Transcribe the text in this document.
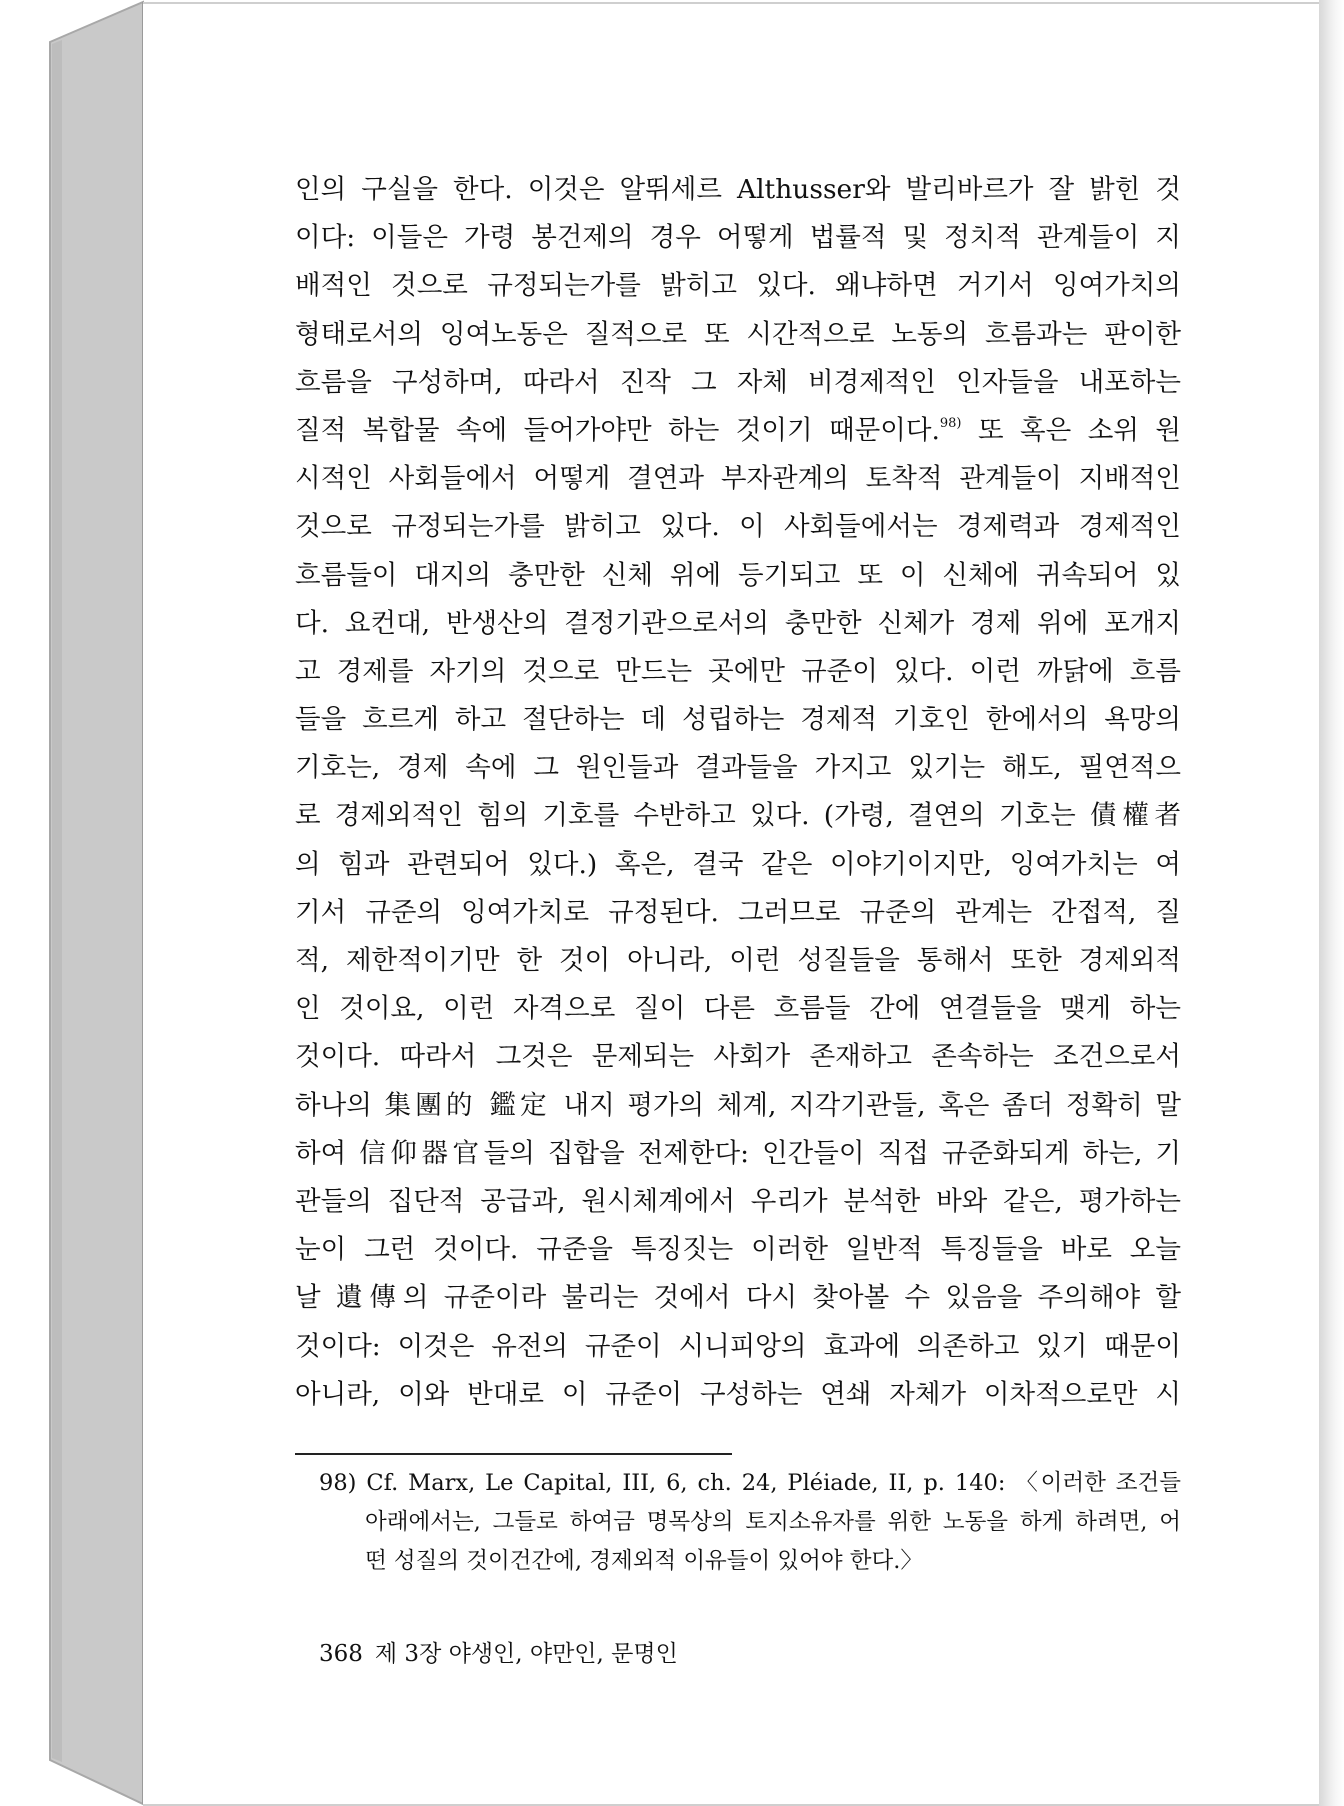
인의 구실을 한다. 이것은 알뛰세르 Althusser와 발리바르가 잘 밝힌 것
이다: 이들은 가령 봉건제의 경우 어떻게 법률적 및 정치적 관계들이 지
배적인 것으로 규정되는가를 밝히고 있다. 왜냐하면 거기서 잉여가치의
형태로서의 잉여노동은 질적으로 또 시간적으로 노동의 흐름과는 판이한
흐름을 구성하며, 따라서 진작 그 자체 비경제적인 인자들을 내포하는
질적 복합물 속에 들어가야만 하는 것이기 때문이다.$^{98)}$ 또 혹은 소위 원
시적인 사회들에서 어떻게 결연과 부자관계의 토착적 관계들이 지배적인
것으로 규정되는가를 밝히고 있다. 이 사회들에서는 경제력과 경제적인
흐름들이 대지의 충만한 신체 위에 등기되고 또 이 신체에 귀속되어 있
다. 요컨대, 반생산의 결정기관으로서의 충만한 신체가 경제 위에 포개지
고 경제를 자기의 것으로 만드는 곳에만 규준이 있다. 이런 까닭에 흐름
들을 흐르게 하고 절단하는 데 성립하는 경제적 기호인 한에서의 욕망의
기호는, 경제 속에 그 원인들과 결과들을 가지고 있기는 해도, 필연적으
로 경제외적인 힘의 기호를 수반하고 있다. (가령, 결연의 기호는 債權者
의 힘과 관련되어 있다.) 혹은, 결국 같은 이야기이지만, 잉여가치는 여
기서 규준의 잉여가치로 규정된다. 그러므로 규준의 관계는 간접적, 질
적, 제한적이기만 한 것이 아니라, 이런 성질들을 통해서 또한 경제외적
인 것이요, 이런 자격으로 질이 다른 흐름들 간에 연결들을 맺게 하는
것이다. 따라서 그것은 문제되는 사회가 존재하고 존속하는 조건으로서
하나의 集團的 鑑定 내지 평가의 체계, 지각기관들, 혹은 좀더 정확히 말
하여 信仰器官들의 집합을 전제한다: 인간들이 직접 규준화되게 하는, 기
관들의 집단적 공급과, 원시체계에서 우리가 분석한 바와 같은, 평가하는
눈이 그런 것이다. 규준을 특징짓는 이러한 일반적 특징들을 바로 오늘
날 遺傳의 규준이라 불리는 것에서 다시 찾아볼 수 있음을 주의해야 할
것이다: 이것은 유전의 규준이 시니피앙의 효과에 의존하고 있기 때문이
아니라, 이와 반대로 이 규준이 구성하는 연쇄 자체가 이차적으로만 시
98) Cf. Marx, Le Capital, III, 6, ch. 24, Pléiade, II, p. 140: 〈이러한 조건들
아래에서는, 그들로 하여금 명목상의 토지소유자를 위한 노동을 하게 하려면, 어
떤 성질의 것이건간에, 경제외적 이유들이 있어야 한다.〉
368 제 3장 야생인, 야만인, 문명인
